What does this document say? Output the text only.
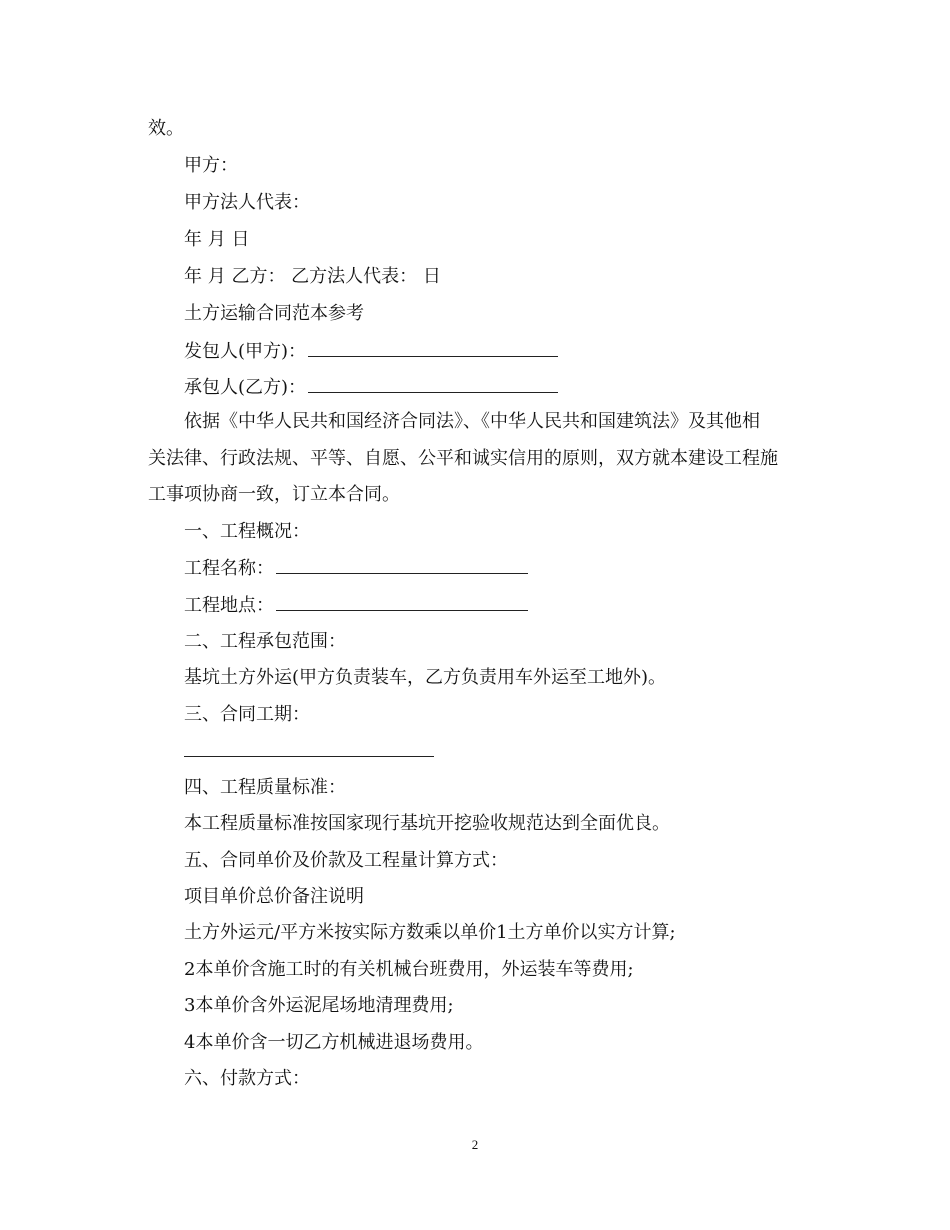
效。
甲方：
甲方法人代表：
年 月 日
年 月 乙方： 乙方法人代表： 日
土方运输合同范本参考
发包人(甲方)：
承包人(乙方)：
依据《中华人民共和国经济合同法》、《中华人民共和国建筑法》及其他相
关法律、行政法规、平等、自愿、公平和诚实信用的原则，双方就本建设工程施
工事项协商一致，订立本合同。
一、工程概况：
工程名称：
工程地点：
二、工程承包范围：
基坑土方外运(甲方负责装车，乙方负责用车外运至工地外)。
三、合同工期：
四、工程质量标准：
本工程质量标准按国家现行基坑开挖验收规范达到全面优良。
五、合同单价及价款及工程量计算方式：
项目单价总价备注说明
土方外运元/平方米按实际方数乘以单价1土方单价以实方计算;
2本单价含施工时的有关机械台班费用，外运装车等费用;
3本单价含外运泥尾场地清理费用;
4本单价含一切乙方机械进退场费用。
六、付款方式：
2
